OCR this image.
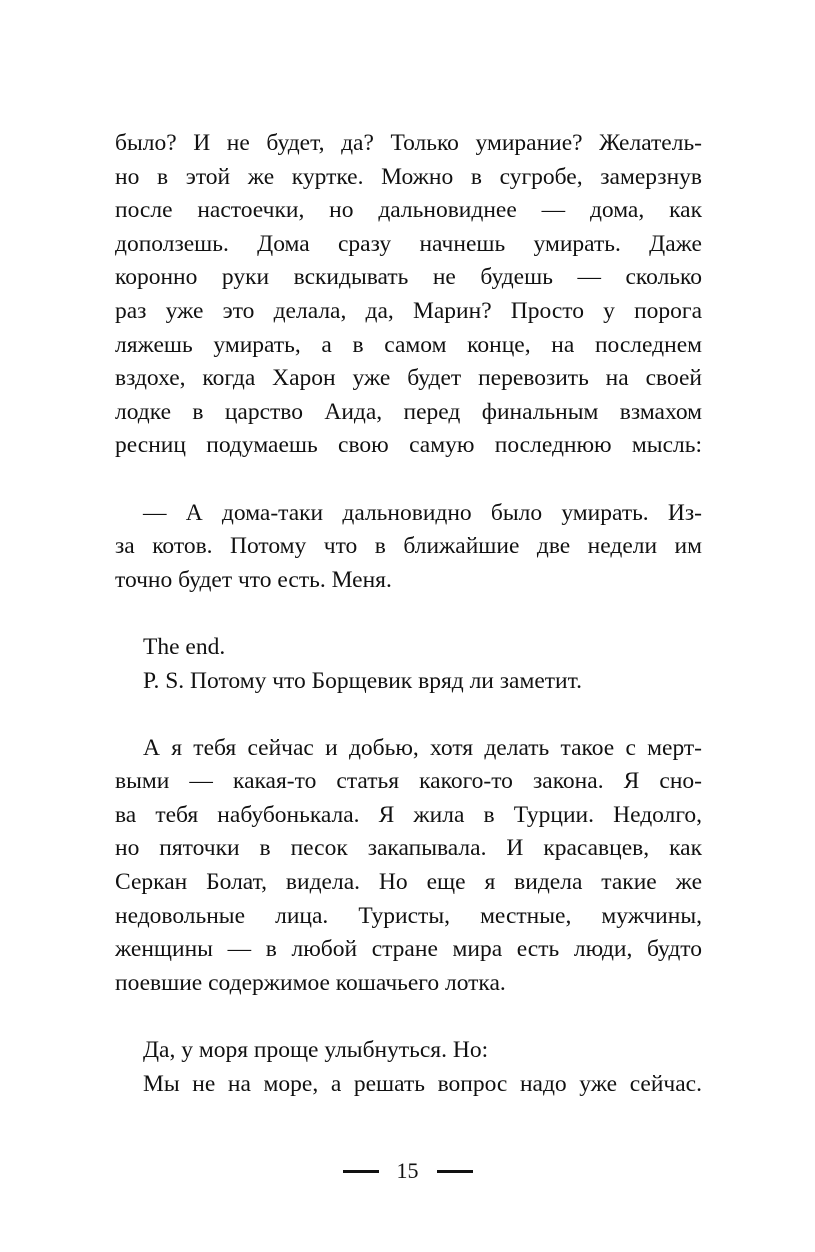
было? И не будет, да? Только умирание? Желатель-
но в этой же куртке. Можно в сугробе, замерзнув
после настоечки, но дальновиднее — дома, как
доползешь. Дома сразу начнешь умирать. Даже
коронно руки вскидывать не будешь — сколько
раз уже это делала, да, Марин? Просто у порога
ляжешь умирать, а в самом конце, на последнем
вздохе, когда Харон уже будет перевозить на своей
лодке в царство Аида, перед финальным взмахом
ресниц подумаешь свою самую последнюю мысль:
— А дома-таки дальновидно было умирать. Из-
за котов. Потому что в ближайшие две недели им
точно будет что есть. Меня.
The end.
P. S. Потому что Борщевик вряд ли заметит.
А я тебя сейчас и добью, хотя делать такое с мерт-
выми — какая-то статья какого-то закона. Я сно-
ва тебя набубонькала. Я жила в Турции. Недолго,
но пяточки в песок закапывала. И красавцев, как
Серкан Болат, видела. Но еще я видела такие же
недовольные лица. Туристы, местные, мужчины,
женщины — в любой стране мира есть люди, будто
поевшие содержимое кошачьего лотка.
Да, у моря проще улыбнуться. Но:
Мы не на море, а решать вопрос надо уже сейчас.
15
